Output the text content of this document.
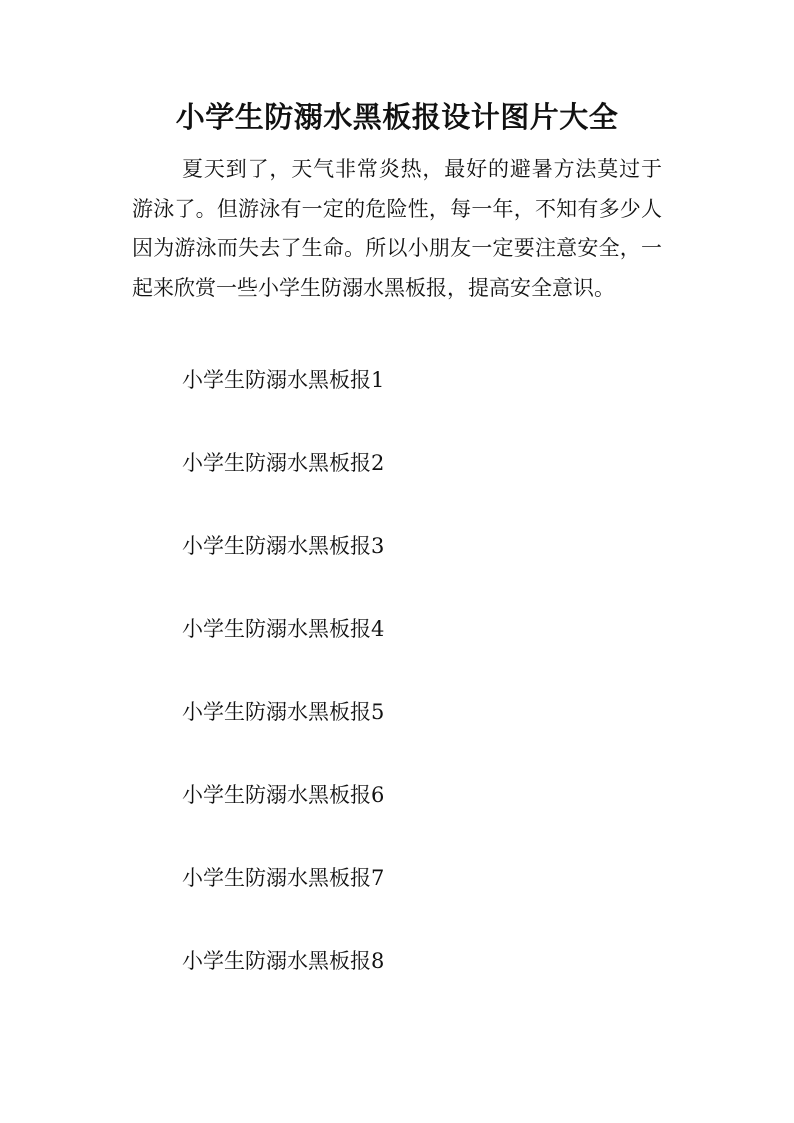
小学生防溺水黑板报设计图片大全

夏天到了，天气非常炎热，最好的避暑方法莫过于游泳了。但游泳有一定的危险性，每一年，不知有多少人因为游泳而失去了生命。所以小朋友一定要注意安全，一起来欣赏一些小学生防溺水黑板报，提高安全意识。

小学生防溺水黑板报1
小学生防溺水黑板报2
小学生防溺水黑板报3
小学生防溺水黑板报4
小学生防溺水黑板报5
小学生防溺水黑板报6
小学生防溺水黑板报7
小学生防溺水黑板报8
